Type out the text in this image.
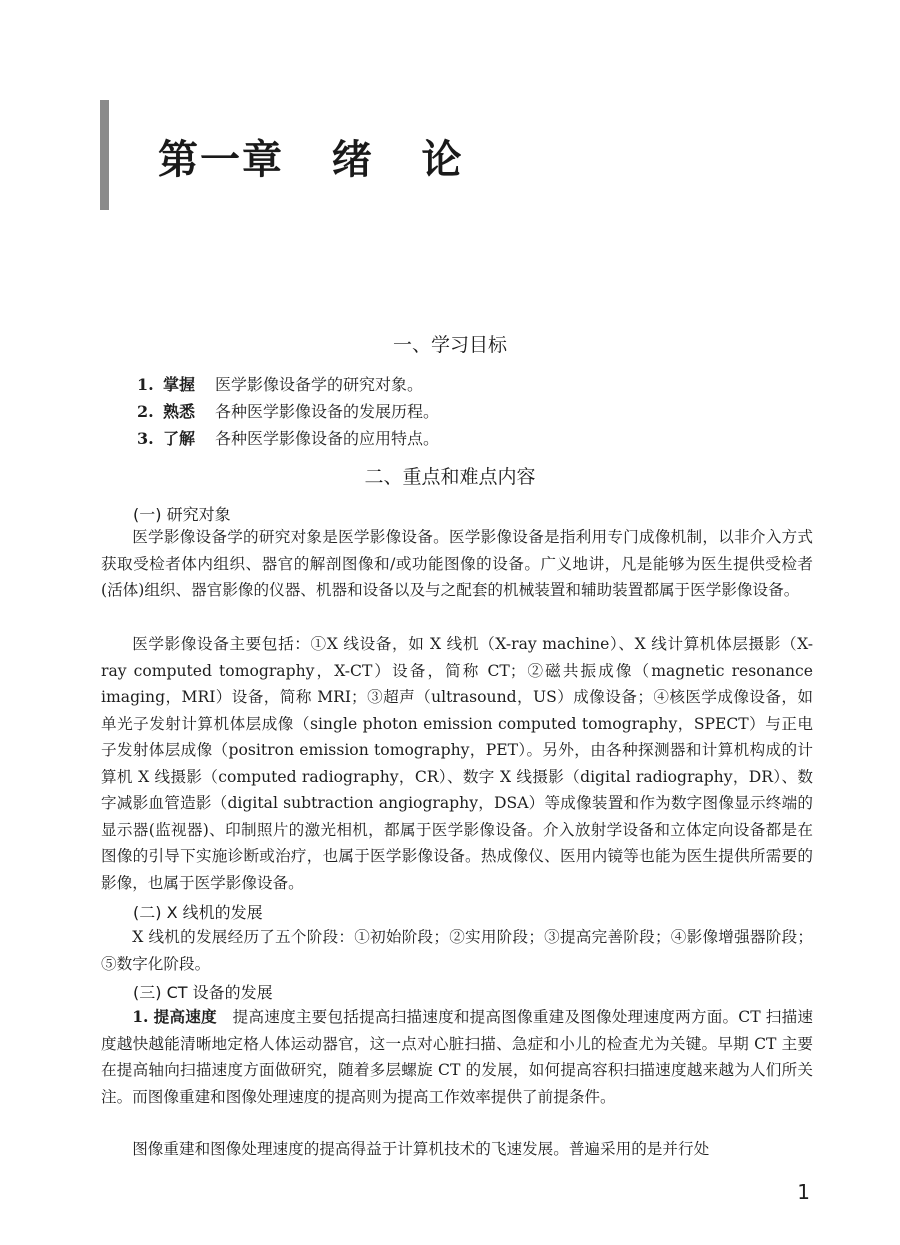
第一章   绪   论
一、学习目标
1. 掌握 医学影像设备学的研究对象。
2. 熟悉 各种医学影像设备的发展历程。
3. 了解 各种医学影像设备的应用特点。
二、重点和难点内容
(一) 研究对象

医学影像设备学的研究对象是医学影像设备。医学影像设备是指利用专门成像机制，以非介入方式获取受检者体内组织、器官的解剖图像和/或功能图像的设备。广义地讲，凡是能够为医生提供受检者(活体)组织、器官影像的仪器、机器和设备以及与之配套的机械装置和辅助装置都属于医学影像设备。

医学影像设备主要包括：①X 线设备，如 X 线机（X-ray machine）、X 线计算机体层摄影（X-ray computed tomography，X-CT）设备，简称 CT；②磁共振成像（magnetic resonance imaging，MRI）设备，简称 MRI；③超声（ultrasound，US）成像设备；④核医学成像设备，如单光子发射计算机体层成像（single photon emission computed tomography，SPECT）与正电子发射体层成像（positron emission tomography，PET）。另外，由各种探测器和计算机构成的计算机 X 线摄影（computed radiography，CR）、数字 X 线摄影（digital radiography，DR）、数字减影血管造影（digital subtraction angiography，DSA）等成像装置和作为数字图像显示终端的显示器(监视器)、印制照片的激光相机，都属于医学影像设备。介入放射学设备和立体定向设备都是在图像的引导下实施诊断或治疗，也属于医学影像设备。热成像仪、医用内镜等也能为医生提供所需要的影像，也属于医学影像设备。

(二) X 线机的发展

X 线机的发展经历了五个阶段：①初始阶段；②实用阶段；③提高完善阶段；④影像增强器阶段；⑤数字化阶段。

(三) CT 设备的发展

1. 提高速度  提高速度主要包括提高扫描速度和提高图像重建及图像处理速度两方面。CT 扫描速度越快越能清晰地定格人体运动器官，这一点对心脏扫描、急症和小儿的检查尤为关键。早期 CT 主要在提高轴向扫描速度方面做研究，随着多层螺旋 CT 的发展，如何提高容积扫描速度越来越为人们所关注。而图像重建和图像处理速度的提高则为提高工作效率提供了前提条件。

图像重建和图像处理速度的提高得益于计算机技术的飞速发展。普遍采用的是并行处

1
